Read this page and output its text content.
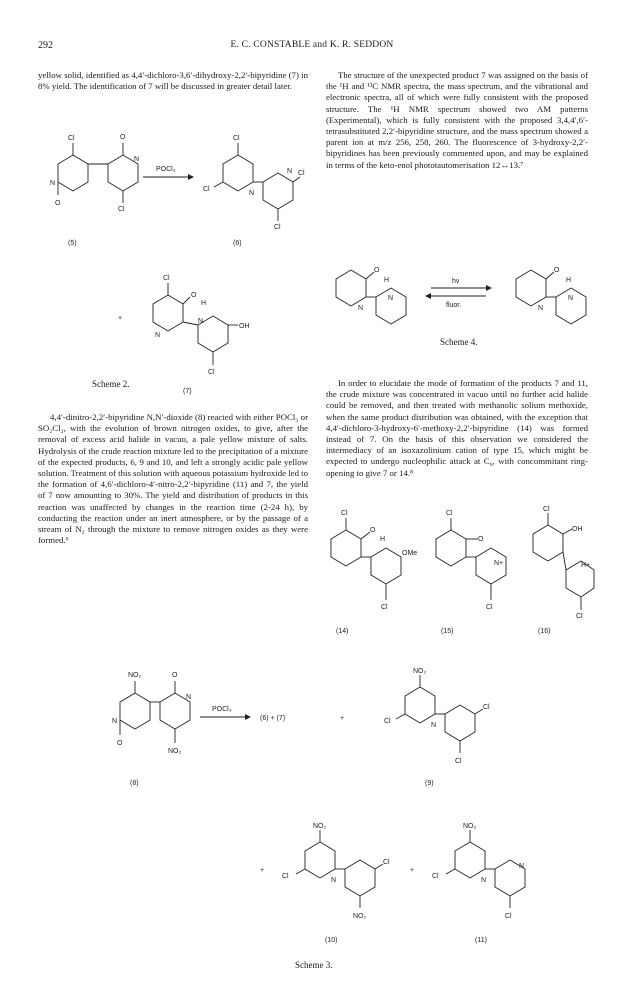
292	E. C. CONSTABLE and K. R. SEDDON

yellow solid, identified as 4,4′-dichloro-3,6′-dihydroxy-2,2′-bipyridine (7) in 8% yield. The identification of 7 will be discussed in greater detail later.

The structure of the unexpected product 7 was assigned on the basis of the ¹H and ¹³C NMR spectra, the mass spectrum, and the vibrational and electronic spectra, all of which were fully consistent with the proposed structure. The ¹H NMR spectrum showed two AM patterns (Experimental), which is fully consistent with the proposed 3,4,4′,6′-tetrasubstituted 2,2′-bipyridine structure, and the mass spectrum showed a parent ion at m/z 256, 258, 260. The fluorescence of 3-hydroxy-2,2′-bipyridines has been previously commented upon, and may be explained in terms of the keto-enol phototautomerisation 12↔13.⁷

Cl
Cl
N
O
N
O
(5)
POCl₃
Cl
Cl
N
N Cl
Cl
(6)
+
Cl
O
H
N
N
OH
Cl
(7)
Scheme 2.
O
H
N
N
hν
fluor.
O
H
N
N
Scheme 4.

4,4′-dinitro-2,2′-bipyridine N,N′-dioxide (8) reacted with either POCl₃ or SO₂Cl₂, with the evolution of brown nitrogen oxides, to give, after the removal of excess acid halide in vacuo, a pale yellow mixture of salts. Hydrolysis of the crude reaction mixture led to the precipitation of a mixture of the expected products, 6, 9 and 10, and left a strongly acidic pale yellow solution. Treatment of this solution with aqueous potassium hydroxide led to the formation of 4,6′-dichloro-4′-nitro-2,2′-bipyridine (11) and 7, the yield of 7 now amounting to 30%. The yield and distribution of products in this reaction was unaffected by changes in the reaction time (2-24 h), by conducting the reaction under an inert atmosphere, or by the passage of a stream of N₂ through the mixture to remove nitrogen oxides as they were formed.⁶

In order to elucidate the mode of formation of the products 7 and 11, the crude mixture was concentrated in vacuo until no further acid halide could be removed, and then treated with methanolic solium methoxide, when the same product distribution was obtained, with the exception that 4,4′-dichloro-3-hydroxy-6′-methoxy-2,2′-bipyridine (14) was formed instead of 7. On the basis of this observation we considered the intermediacy of an isoxazolinium cation of type 15, which might be expected to undergo nucleophilic attack at C₆, with concommitant ring-opening to give 7 or 14.⁸

Cl
O
H
OMe
Cl
(14)
Cl
O
N+
Cl
(15)
Cl
OH
H+
Cl
(16)
NO₂
N
O
N
O
NO₂
(8)
POCl₃
(6) + (7)	+
NO₂
Cl
N
Cl
Cl
(9)
+
NO₂
Cl
N
Cl
NO₂
(10)
+
NO₂
Cl
N
N
Cl
(11)
Scheme 3.
